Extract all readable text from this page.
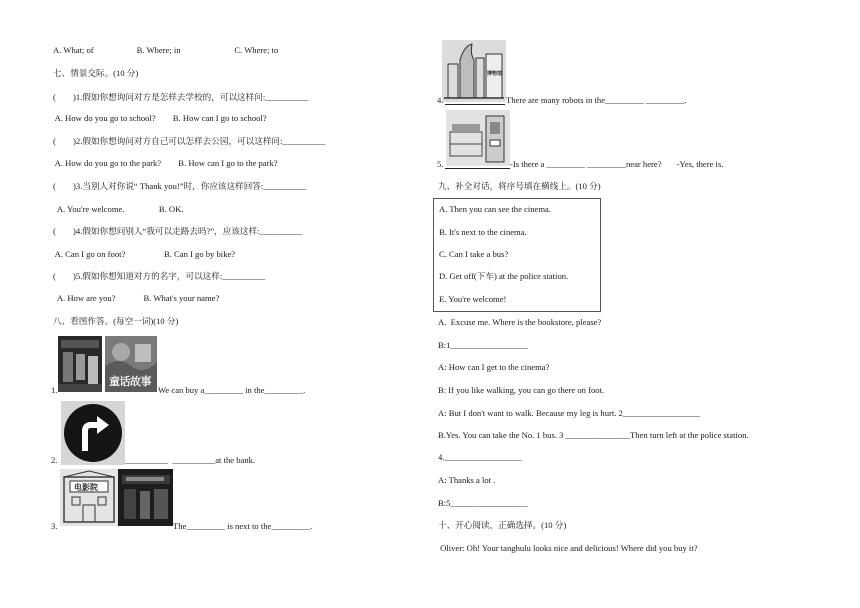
A. What; of                    B. Where; in                         C. Where; to
七、情景交际。(10 分)
(        )1.假如你想询问对方是怎样去学校的，可以这样问:__________
A. How do you go to school?        B. How can I go to school?
(        )2.假如你想询问对方自己可以怎样去公园，可以这样问:__________
A. How do you go to the park?        B. How can I go to the park?
(        )3.当别人对你说“ Thank you!”时，你应该这样回答:__________
A. You're welcome.                B. OK.
(        )4.假如你想问别人“我可以走路去吗?”，应该这样:__________
A. Can I go on foot?                  B. Can I go by bike?
(        )5.假如你想知道对方的名字，可以这样:__________
A. How are you?             B. What's your name?
八、看图作答。(每空一词)(10 分)
1.
童话故事
We can buy a_________ in the_________.
2.	__________  __________at the bank.
3.
电影院
The_________ is next to the_________.
博物馆
4.	There are many robots in the_________ _________.
5.	-Is there a _________ _________near here?       -Yes, there is.
九、补全对话，将序号填在横线上。(10 分)
A. Then you can see the cinema.
B. It's next to the cinema.
C. Can I take a bus?
D. Get off(下车) at the police station.
E. You're welcome!
A.  Excuse me. Where is the bookstore, please?
B:1__________________
A: How can I get to the cinema?
B: If you like walking, you can go there on foot.
A: But I don't want to walk. Because my leg is hurt. 2__________________
B.Yes. You can take the No. 1 bus. 3 _______________Then turn left at the police station.
4.__________________
A: Thanks a lot .
B:5__________________
十、开心阅读，正确选择。(10 分)
Oliver: Oh! Your tanghulu looks nice and delicious! Where did you buy it?
